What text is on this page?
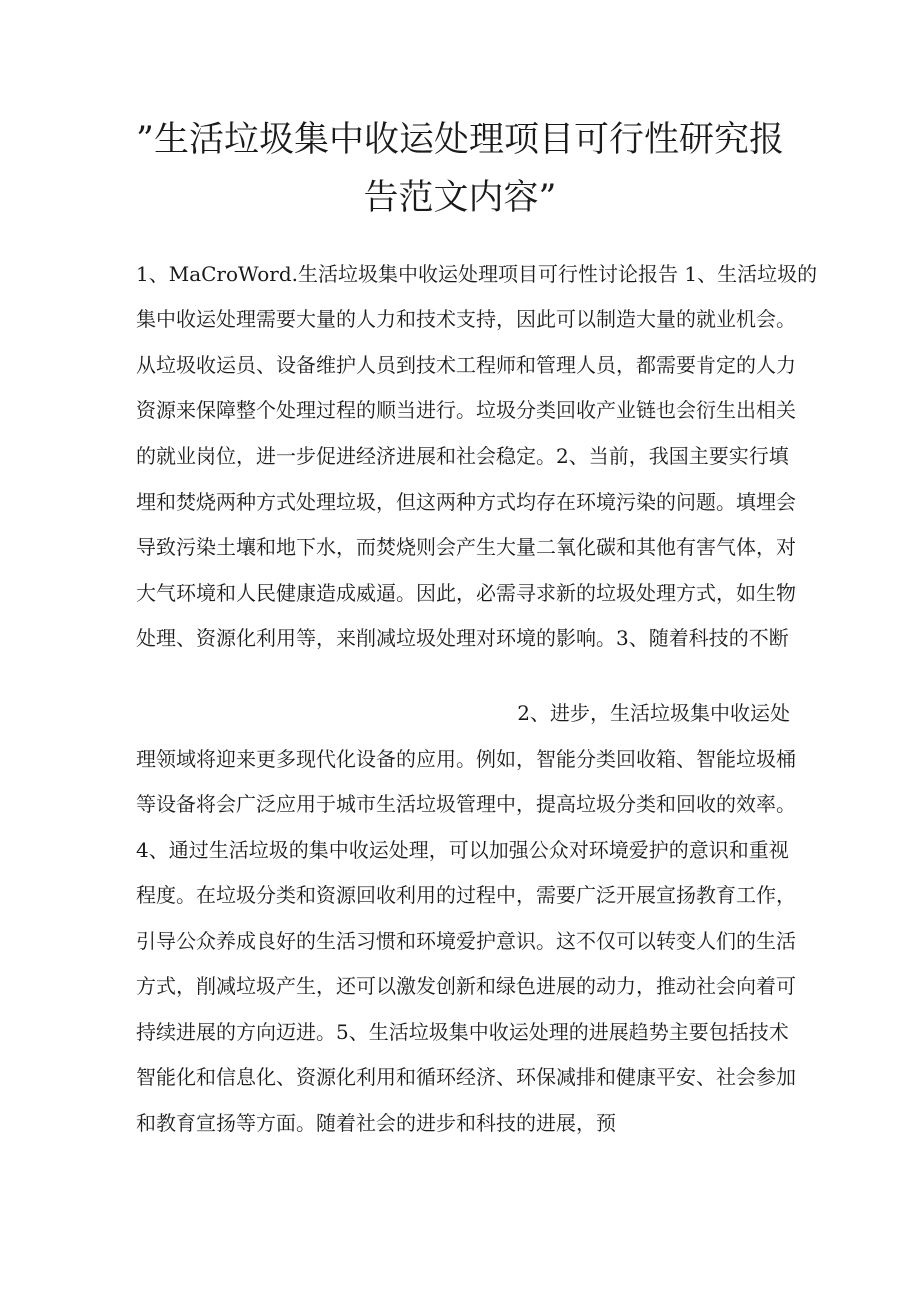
”生活垃圾集中收运处理项目可行性研究报
告范文内容”
1、MaCroWord.生活垃圾集中收运处理项目可行性讨论报告 1、生活垃圾的
集中收运处理需要大量的人力和技术支持，因此可以制造大量的就业机会。
从垃圾收运员、设备维护人员到技术工程师和管理人员，都需要肯定的人力
资源来保障整个处理过程的顺当进行。垃圾分类回收产业链也会衍生出相关
的就业岗位，进一步促进经济进展和社会稳定。2、当前，我国主要实行填
埋和焚烧两种方式处理垃圾，但这两种方式均存在环境污染的问题。填埋会
导致污染土壤和地下水，而焚烧则会产生大量二氧化碳和其他有害气体，对
大气环境和人民健康造成威逼。因此，必需寻求新的垃圾处理方式，如生物
处理、资源化利用等，来削减垃圾处理对环境的影响。3、随着科技的不断
2、进步，生活垃圾集中收运处
理领域将迎来更多现代化设备的应用。例如，智能分类回收箱、智能垃圾桶
等设备将会广泛应用于城市生活垃圾管理中，提高垃圾分类和回收的效率。
4、通过生活垃圾的集中收运处理，可以加强公众对环境爱护的意识和重视
程度。在垃圾分类和资源回收利用的过程中，需要广泛开展宣扬教育工作，
引导公众养成良好的生活习惯和环境爱护意识。这不仅可以转变人们的生活
方式，削减垃圾产生，还可以激发创新和绿色进展的动力，推动社会向着可
持续进展的方向迈进。5、生活垃圾集中收运处理的进展趋势主要包括技术
智能化和信息化、资源化利用和循环经济、环保减排和健康平安、社会参加
和教育宣扬等方面。随着社会的进步和科技的进展，预
